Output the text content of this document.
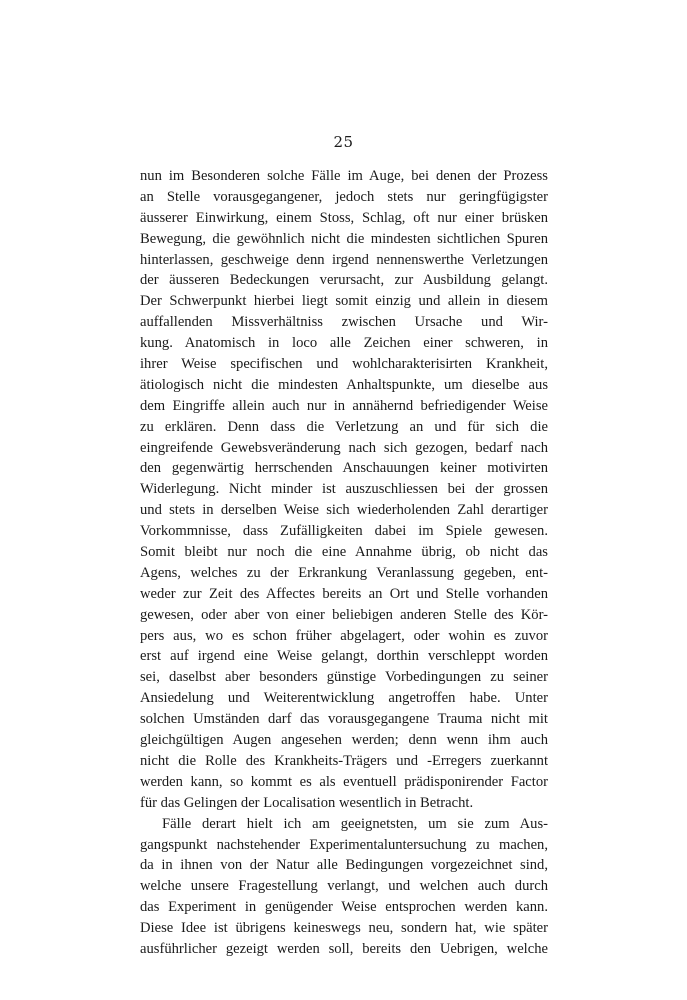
25
nun im Besonderen solche Fälle im Auge, bei denen der Prozess
an Stelle vorausgegangener, jedoch stets nur geringfügigster
äusserer Einwirkung, einem Stoss, Schlag, oft nur einer brüsken
Bewegung, die gewöhnlich nicht die mindesten sichtlichen Spuren
hinterlassen, geschweige denn irgend nennenswerthe Verletzungen
der äusseren Bedeckungen verursacht, zur Ausbildung gelangt.
Der Schwerpunkt hierbei liegt somit einzig und allein in diesem
auffallenden Missverhältniss zwischen Ursache und Wir-
kung. Anatomisch in loco alle Zeichen einer schweren, in
ihrer Weise specifischen und wohlcharakterisirten Krankheit,
ätiologisch nicht die mindesten Anhaltspunkte, um dieselbe aus
dem Eingriffe allein auch nur in annähernd befriedigender Weise
zu erklären. Denn dass die Verletzung an und für sich die
eingreifende Gewebsveränderung nach sich gezogen, bedarf nach
den gegenwärtig herrschenden Anschauungen keiner motivirten
Widerlegung. Nicht minder ist auszuschliessen bei der grossen
und stets in derselben Weise sich wiederholenden Zahl derartiger
Vorkommnisse, dass Zufälligkeiten dabei im Spiele gewesen.
Somit bleibt nur noch die eine Annahme übrig, ob nicht das
Agens, welches zu der Erkrankung Veranlassung gegeben, ent-
weder zur Zeit des Affectes bereits an Ort und Stelle vorhanden
gewesen, oder aber von einer beliebigen anderen Stelle des Kör-
pers aus, wo es schon früher abgelagert, oder wohin es zuvor
erst auf irgend eine Weise gelangt, dorthin verschleppt worden
sei, daselbst aber besonders günstige Vorbedingungen zu seiner
Ansiedelung und Weiterentwicklung angetroffen habe. Unter
solchen Umständen darf das vorausgegangene Trauma nicht mit
gleichgültigen Augen angesehen werden; denn wenn ihm auch
nicht die Rolle des Krankheits-Trägers und -Erregers zuerkannt
werden kann, so kommt es als eventuell prädisponirender Factor
für das Gelingen der Localisation wesentlich in Betracht.
Fälle derart hielt ich am geeignetsten, um sie zum Aus-
gangspunkt nachstehender Experimentaluntersuchung zu machen,
da in ihnen von der Natur alle Bedingungen vorgezeichnet sind,
welche unsere Fragestellung verlangt, und welchen auch durch
das Experiment in genügender Weise entsprochen werden kann.
Diese Idee ist übrigens keineswegs neu, sondern hat, wie später
ausführlicher gezeigt werden soll, bereits den Uebrigen, welche
